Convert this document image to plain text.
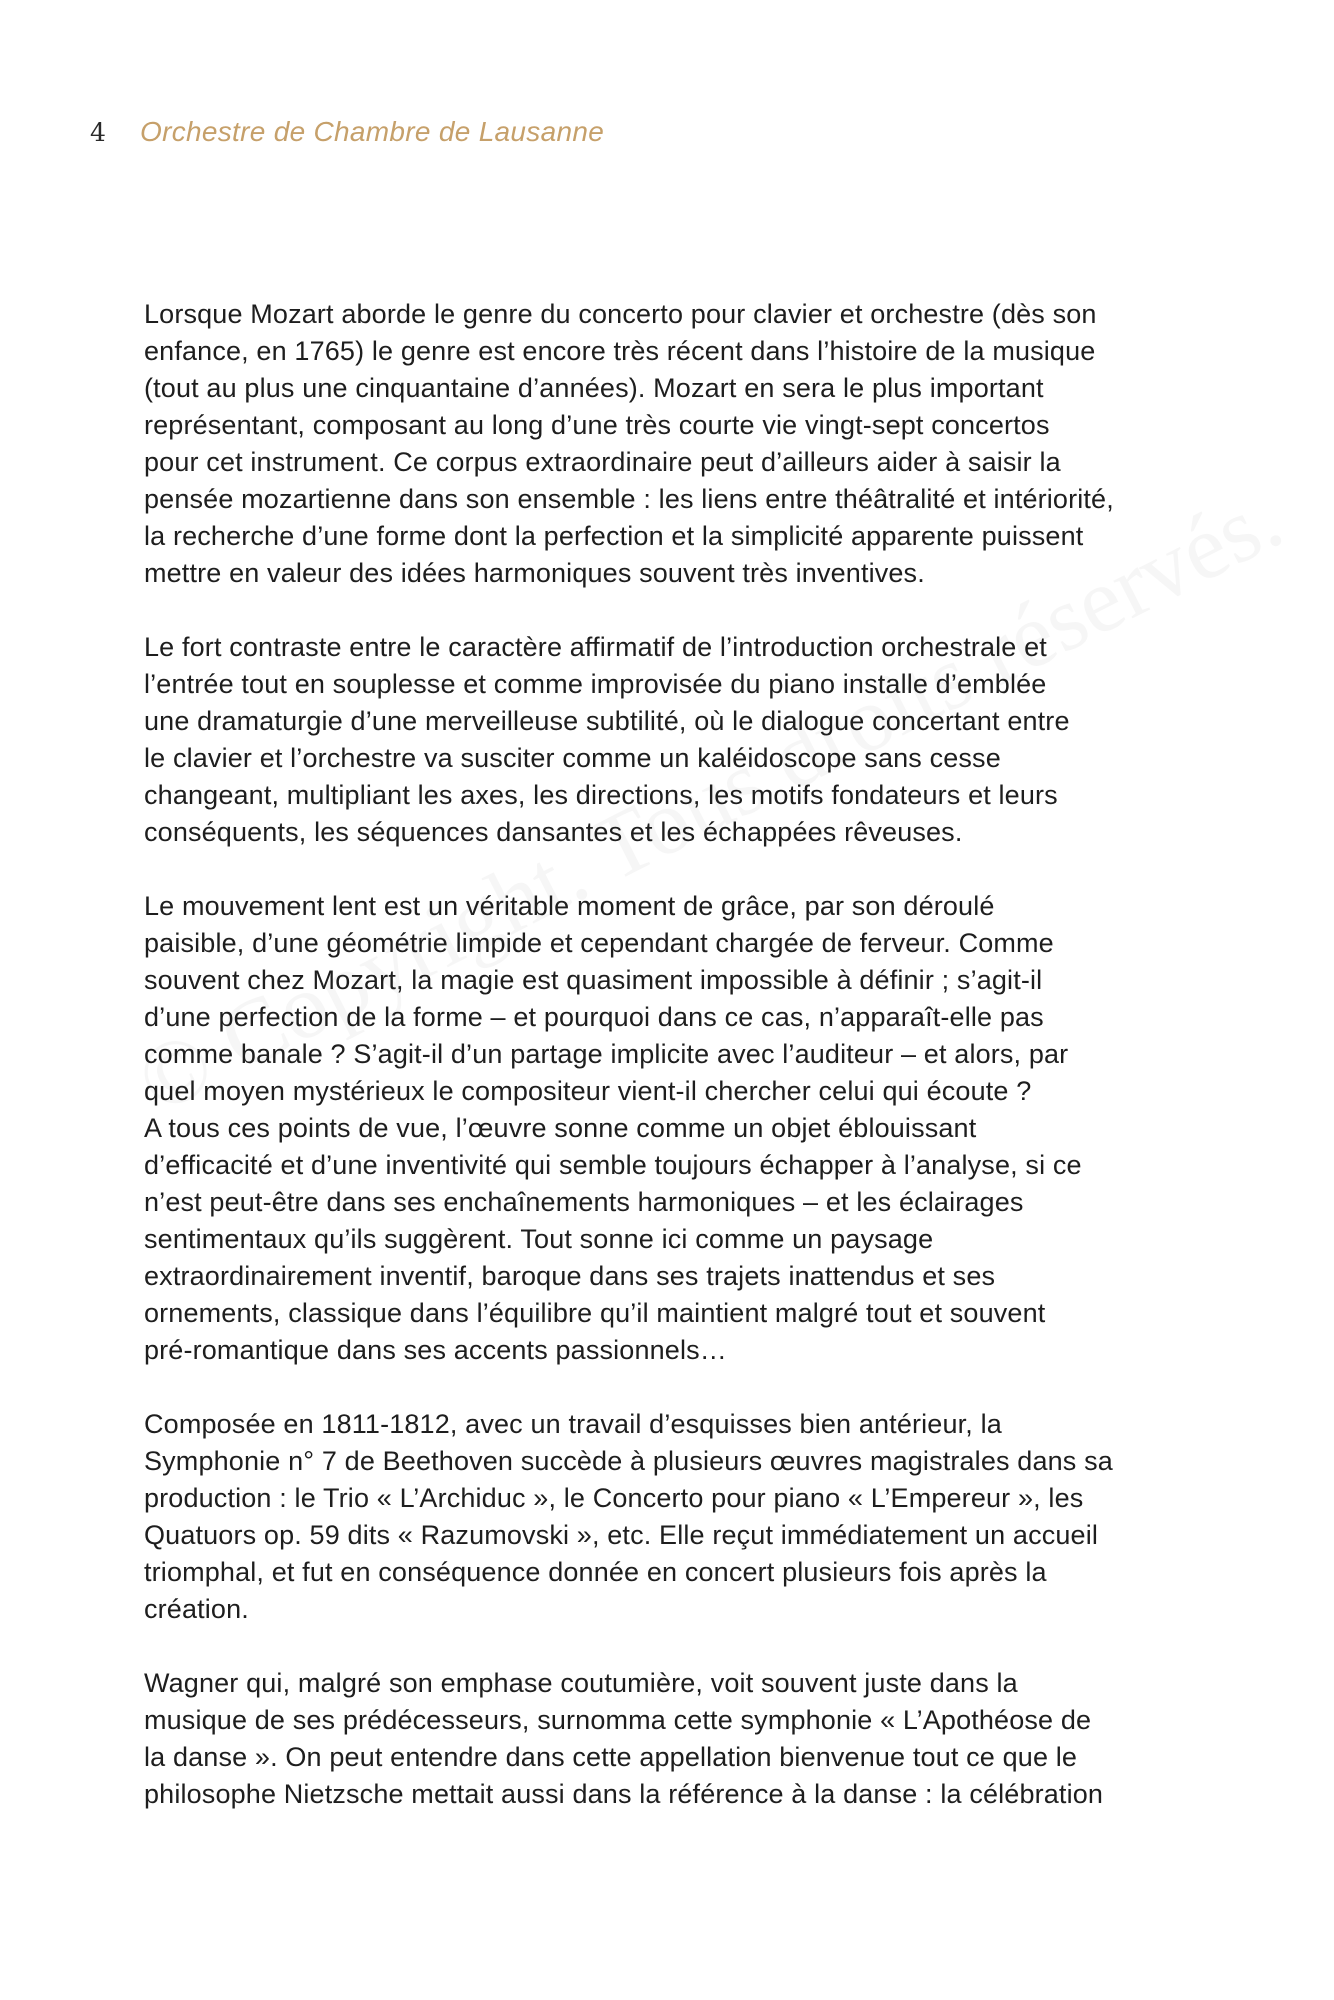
4	Orchestre de Chambre de Lausanne

Lorsque Mozart aborde le genre du concerto pour clavier et orchestre (dès son
enfance, en 1765) le genre est encore très récent dans l’histoire de la musique
(tout au plus une cinquantaine d’années). Mozart en sera le plus important
représentant, composant au long d’une très courte vie vingt-sept concertos
pour cet instrument. Ce corpus extraordinaire peut d’ailleurs aider à saisir la
pensée mozartienne dans son ensemble : les liens entre théâtralité et intériorité,
la recherche d’une forme dont la perfection et la simplicité apparente puissent
mettre en valeur des idées harmoniques souvent très inventives.

Le fort contraste entre le caractère affirmatif de l’introduction orchestrale et
l’entrée tout en souplesse et comme improvisée du piano installe d’emblée
une dramaturgie d’une merveilleuse subtilité, où le dialogue concertant entre
le clavier et l’orchestre va susciter comme un kaléidoscope sans cesse
changeant, multipliant les axes, les directions, les motifs fondateurs et leurs
conséquents, les séquences dansantes et les échappées rêveuses.

Le mouvement lent est un véritable moment de grâce, par son déroulé
paisible, d’une géométrie limpide et cependant chargée de ferveur. Comme
souvent chez Mozart, la magie est quasiment impossible à définir ; s’agit-il
d’une perfection de la forme – et pourquoi dans ce cas, n’apparaît-elle pas
comme banale ? S’agit-il d’un partage implicite avec l’auditeur – et alors, par
quel moyen mystérieux le compositeur vient-il chercher celui qui écoute ?
A tous ces points de vue, l’œuvre sonne comme un objet éblouissant
d’efficacité et d’une inventivité qui semble toujours échapper à l’analyse, si ce
n’est peut-être dans ses enchaînements harmoniques – et les éclairages
sentimentaux qu’ils suggèrent. Tout sonne ici comme un paysage
extraordinairement inventif, baroque dans ses trajets inattendus et ses
ornements, classique dans l’équilibre qu’il maintient malgré tout et souvent
pré-romantique dans ses accents passionnels…

Composée en 1811-1812, avec un travail d’esquisses bien antérieur, la
Symphonie n° 7 de Beethoven succède à plusieurs œuvres magistrales dans sa
production : le Trio « L’Archiduc », le Concerto pour piano « L’Empereur », les
Quatuors op. 59 dits « Razumovski », etc. Elle reçut immédiatement un accueil
triomphal, et fut en conséquence donnée en concert plusieurs fois après la
création.

Wagner qui, malgré son emphase coutumière, voit souvent juste dans la
musique de ses prédécesseurs, surnomma cette symphonie « L’Apothéose de
la danse ». On peut entendre dans cette appellation bienvenue tout ce que le
philosophe Nietzsche mettait aussi dans la référence à la danse : la célébration
